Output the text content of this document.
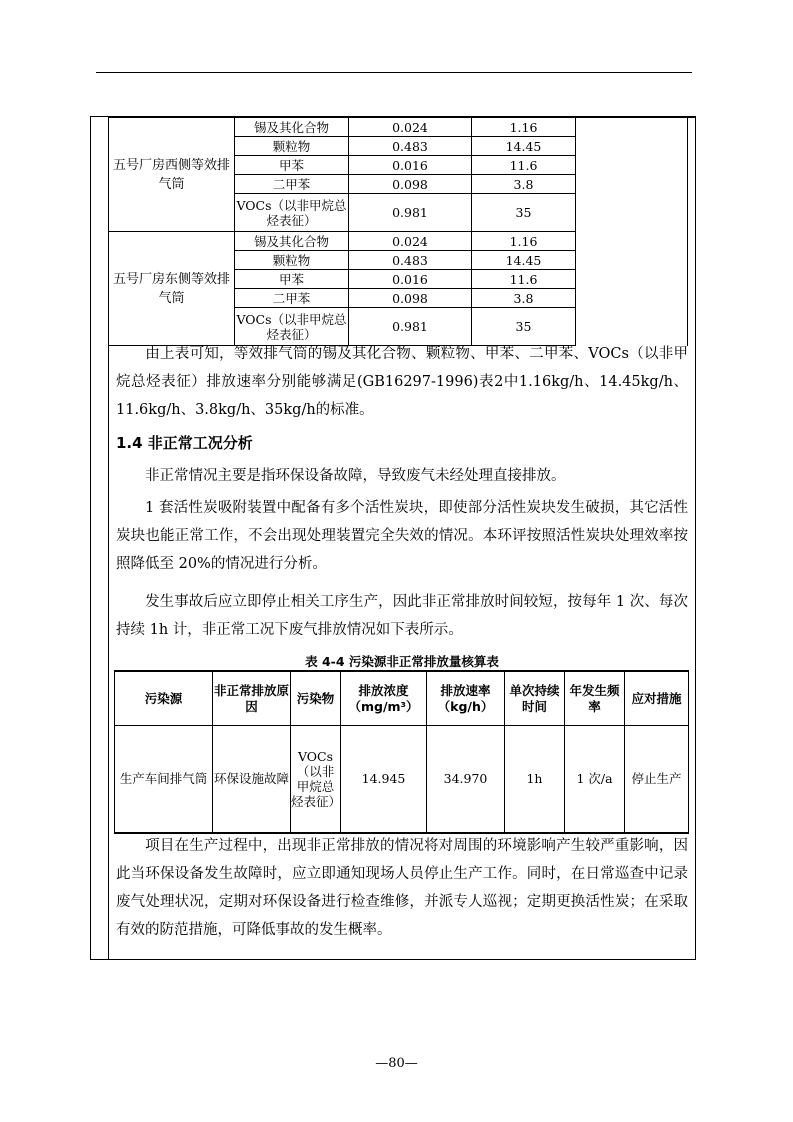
五号厂房西侧等效排气筒	锡及其化合物	0.024	1.16	
	颗粒物	0.483	14.45	
	甲苯	0.016	11.6	
	二甲苯	0.098	3.8	
	VOCs（以非甲烷总烃表征）	0.981	35	
五号厂房东侧等效排气筒	锡及其化合物	0.024	1.16	
	颗粒物	0.483	14.45	
	甲苯	0.016	11.6	
	二甲苯	0.098	3.8	
	VOCs（以非甲烷总烃表征）	0.981	35	

由上表可知，等效排气筒的锡及其化合物、颗粒物、甲苯、二甲苯、VOCs（以非甲烷总烃表征）排放速率分别能够满足(GB16297-1996)表2中1.16kg/h、14.45kg/h、11.6kg/h、3.8kg/h、35kg/h的标准。

1.4 非正常工况分析

非正常情况主要是指环保设备故障，导致废气未经处理直接排放。

1 套活性炭吸附装置中配备有多个活性炭块，即使部分活性炭块发生破损，其它活性炭块也能正常工作，不会出现处理装置完全失效的情况。本环评按照活性炭块处理效率按照降低至 20%的情况进行分析。

发生事故后应立即停止相关工序生产，因此非正常排放时间较短，按每年 1 次、每次持续 1h 计，非正常工况下废气排放情况如下表所示。

表 4-4 污染源非正常排放量核算表
污染源	非正常排放原因	污染物	排放浓度（mg/m³）	排放速率（kg/h）	单次持续时间	年发生频率	应对措施
生产车间排气筒	环保设施故障	VOCs（以非甲烷总烃表征）	14.945	34.970	1h	1 次/a	停止生产

项目在生产过程中，出现非正常排放的情况将对周围的环境影响产生较严重影响，因此当环保设备发生故障时，应立即通知现场人员停止生产工作。同时，在日常巡查中记录废气处理状况，定期对环保设备进行检查维修，并派专人巡视；定期更换活性炭；在采取有效的防范措施，可降低事故的发生概率。

—80—
